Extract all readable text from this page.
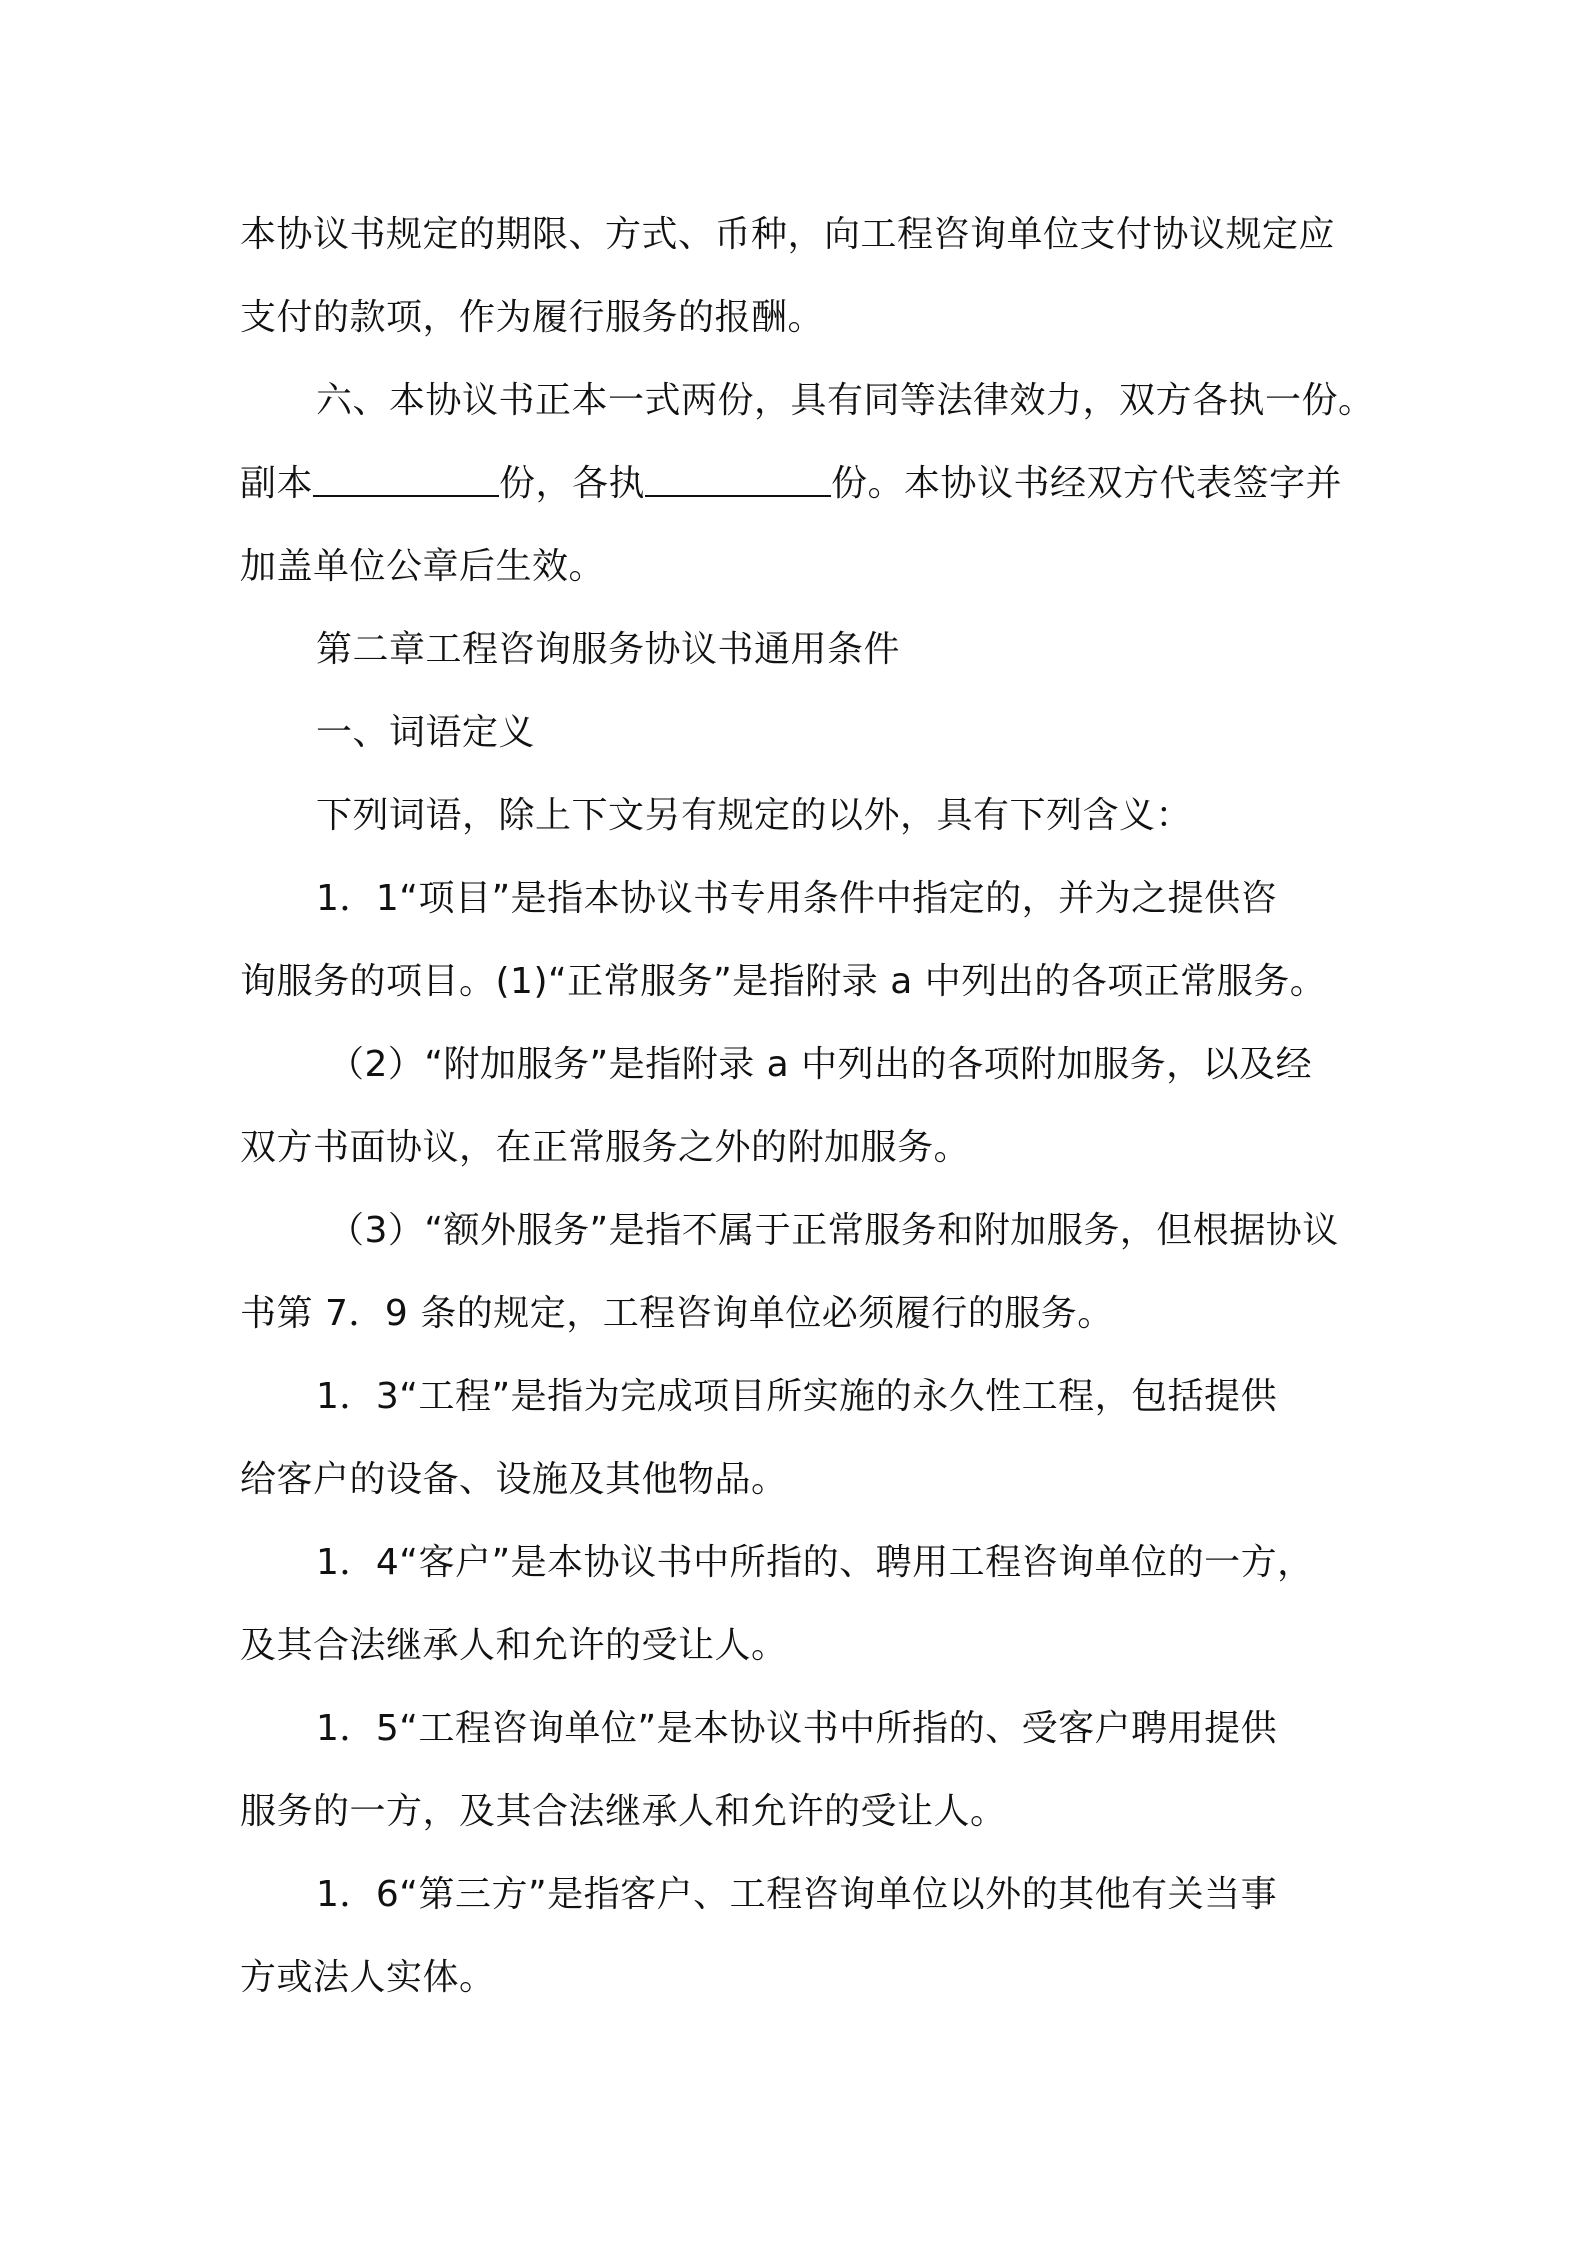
本协议书规定的期限、方式、币种，向工程咨询单位支付协议规定应
支付的款项，作为履行服务的报酬。
六、本协议书正本一式两份，具有同等法律效力，双方各执一份。
副本	份，各执	份。本协议书经双方代表签字并
加盖单位公章后生效。
第二章工程咨询服务协议书通用条件
一、词语定义
下列词语，除上下文另有规定的以外，具有下列含义：
1．1“项目”是指本协议书专用条件中指定的，并为之提供咨
询服务的项目。(1)“正常服务”是指附录 a 中列出的各项正常服务。
（2）“附加服务”是指附录 a 中列出的各项附加服务，以及经
双方书面协议，在正常服务之外的附加服务。
（3）“额外服务”是指不属于正常服务和附加服务，但根据协议
书第 7．9 条的规定，工程咨询单位必须履行的服务。
1．3“工程”是指为完成项目所实施的永久性工程，包括提供
给客户的设备、设施及其他物品。
1．4“客户”是本协议书中所指的、聘用工程咨询单位的一方，
及其合法继承人和允许的受让人。
1．5“工程咨询单位”是本协议书中所指的、受客户聘用提供
服务的一方，及其合法继承人和允许的受让人。
1．6“第三方”是指客户、工程咨询单位以外的其他有关当事
方或法人实体。
